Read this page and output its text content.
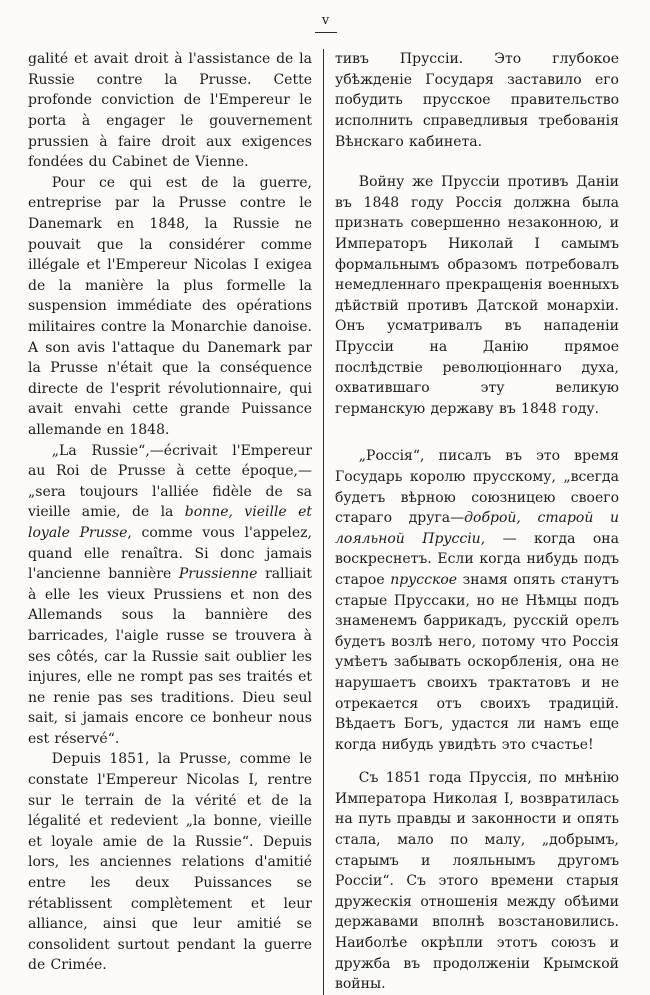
v

galité et avait droit à l'assistance de la Russie contre la Prusse. Cette profonde conviction de l'Empereur le porta à engager le gouvernement prussien à faire droit aux exigences fondées du Cabinet de Vienne.

Pour ce qui est de la guerre, entreprise par la Prusse contre le Danemark en 1848, la Russie ne pouvait que la considérer comme illégale et l'Empereur Nicolas I exigea de la manière la plus formelle la suspension immédiate des opérations militaires contre la Monarchie danoise. A son avis l'attaque du Danemark par la Prusse n'était que la conséquence directe de l'esprit révolutionnaire, qui avait envahi cette grande Puissance allemande en 1848.

„La Russie“,—écrivait l'Empereur au Roi de Prusse à cette époque,— „sera toujours l'alliée fidèle de sa vieille amie, de la bonne, vieille et loyale Prusse, comme vous l'appelez, quand elle renaîtra. Si donc jamais l'ancienne bannière Prussienne ralliait à elle les vieux Prussiens et non des Allemands sous la bannière des barricades, l'aigle russe se trouvera à ses côtés, car la Russie sait oublier les injures, elle ne rompt pas ses traités et ne renie pas ses traditions. Dieu seul sait, si jamais encore ce bonheur nous est réservé“.

Depuis 1851, la Prusse, comme le constate l'Empereur Nicolas I, rentre sur le terrain de la vérité et de la légalité et redevient „la bonne, vieille et loyale amie de la Russie“. Depuis lors, les anciennes relations d'amitié entre les deux Puissances se rétablissent complètement et leur alliance, ainsi que leur amitié se consolident surtout pendant la guerre de Crimée.

тивъ Пруссіи. Это глубокое убѣжденіе Государя заставило его побудить прусское правительство исполнить справедливыя требованія Вѣнскаго кабинета.

Войну же Пруссіи противъ Даніи въ 1848 году Россія должна была признать совершенно незаконною, и Императоръ Николай I самымъ формальнымъ образомъ потребовалъ немедленнаго прекращенія военныхъ дѣйствій противъ Датской монархіи. Онъ усматривалъ въ нападеніи Пруссіи на Данію прямое послѣдствіе революціоннаго духа, охватившаго эту великую германскую державу въ 1848 году.

„Россія“, писалъ въ это время Государь королю прусскому, „всегда будетъ вѣрною союзницею своего стараго друга—доброй, старой и лояльной Пруссіи, — когда она воскреснетъ. Если когда нибудь подъ старое прусское знамя опять станутъ старые Пруссаки, но не Нѣмцы подъ знаменемъ баррикадъ, русскій орелъ будетъ возлѣ него, потому что Россія умѣетъ забывать оскорбленія, она не нарушаетъ своихъ трактатовъ и не отрекается отъ своихъ традицій. Вѣдаетъ Богъ, удастся ли намъ еще когда нибудь увидѣть это счастье!

Съ 1851 года Пруссія, по мнѣнію Императора Николая I, возвратилась на путь правды и законности и опять стала, мало по малу, „добрымъ, старымъ и лояльнымъ другомъ Россіи“. Съ этого времени старыя дружескія отношенія между обѣими державами вполнѣ возстановились. Наиболѣе окрѣпли этотъ союзъ и дружба въ продолженіи Крымской войны.
